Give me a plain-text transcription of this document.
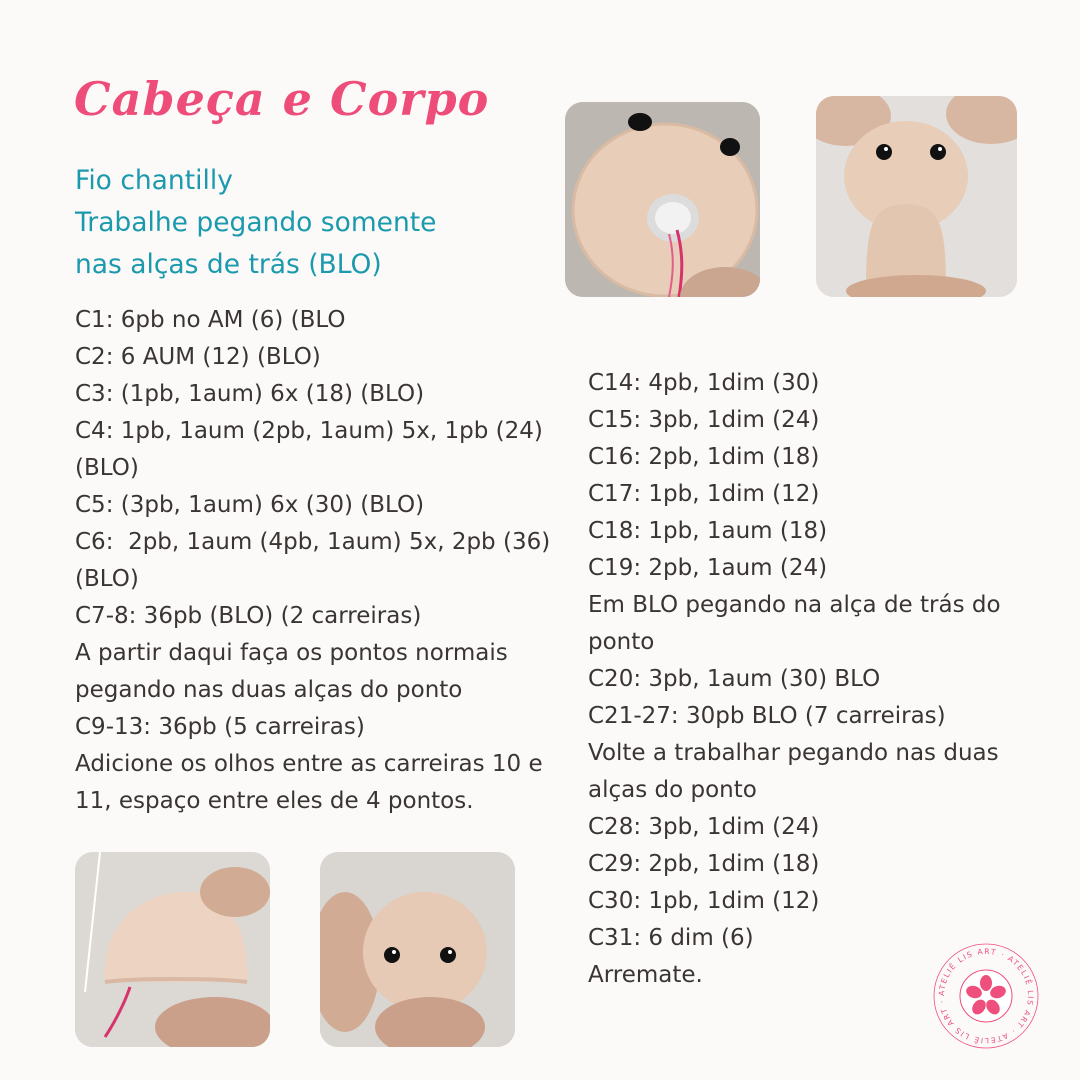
Cabeça e Corpo
Fio chantilly
Trabalhe pegando somente
nas alças de trás (BLO)
C1: 6pb no AM (6) (BLO
C2: 6 AUM (12) (BLO)
C3: (1pb, 1aum) 6x (18) (BLO)
C4: 1pb, 1aum (2pb, 1aum) 5x, 1pb (24)
(BLO)
C5: (3pb, 1aum) 6x (30) (BLO)
C6:  2pb, 1aum (4pb, 1aum) 5x, 2pb (36)
(BLO)
C7-8: 36pb (BLO) (2 carreiras)
A partir daqui faça os pontos normais
pegando nas duas alças do ponto
C9-13: 36pb (5 carreiras)
Adicione os olhos entre as carreiras 10 e
11, espaço entre eles de 4 pontos.
C14: 4pb, 1dim (30)
C15: 3pb, 1dim (24)
C16: 2pb, 1dim (18)
C17: 1pb, 1dim (12)
C18: 1pb, 1aum (18)
C19: 2pb, 1aum (24)
Em BLO pegando na alça de trás do
ponto
C20: 3pb, 1aum (30) BLO
C21-27: 30pb BLO (7 carreiras)
Volte a trabalhar pegando nas duas
alças do ponto
C28: 3pb, 1dim (24)
C29: 2pb, 1dim (18)
C30: 1pb, 1dim (12)
C31: 6 dim (6)
Arremate.
ATELIÊ LIS ART · ATELIÊ LIS ART · ATELIÊ LIS ART ·
